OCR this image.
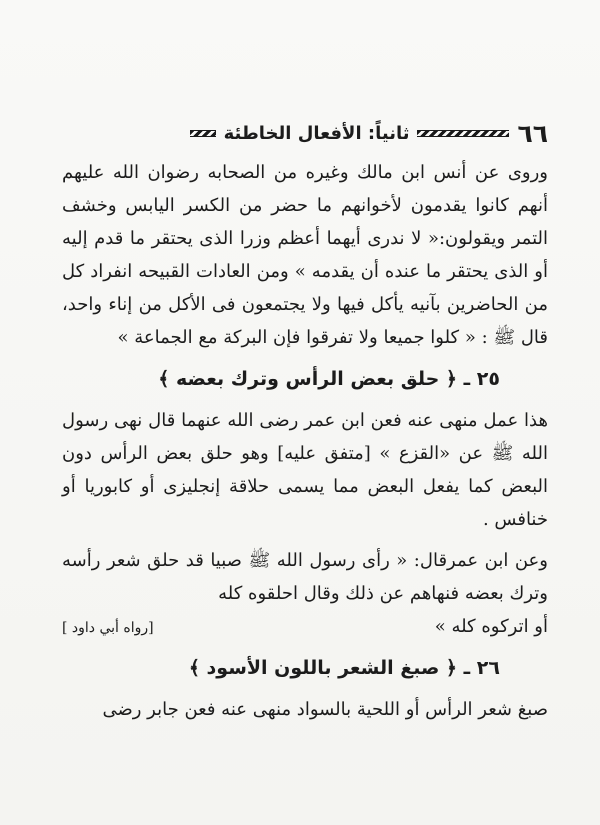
٦٦
ثانياً: الأفعال الخاطئة

وروى عن أنس ابن مالك وغيره من الصحابه رضوان الله عليهم أنهم كانوا يقدمون لأخوانهم ما حضر من الكسر اليابس وخشف التمر ويقولون:« لا ندرى أيهما أعظم وزرا الذى يحتقر ما قدم إليه أو الذى يحتقر ما عنده أن يقدمه » ومن العادات القبيحه انفراد كل من الحاضرين بآنيه يأكل فيها ولا يجتمعون فى الأكل من إناء واحد، قال ﷺ : « كلوا جميعا ولا تفرقوا فإن البركة مع الجماعة »

٢٥ ـ ﴿ حلق بعض الرأس وترك بعضه ﴾

هذا عمل منهى عنه فعن ابن عمر رضى الله عنهما قال نهى رسول الله ﷺ عن «القزع » [متفق عليه] وهو حلق بعض الرأس دون البعض كما يفعل البعض مما يسمى حلاقة إنجليزى أو كابوريا أو خنافس .

وعن ابن عمرقال: « رأى رسول الله ﷺ صبيا قد حلق شعر رأسه وترك بعضه فنهاهم عن ذلك وقال احلقوه كله

أو اتركوه كله »
[رواه أبي داود ]
٢٦ ـ ﴿ صبغ الشعر باللون الأسود ﴾

صبغ شعر الرأس أو اللحية بالسواد منهى عنه فعن جابر رضى
